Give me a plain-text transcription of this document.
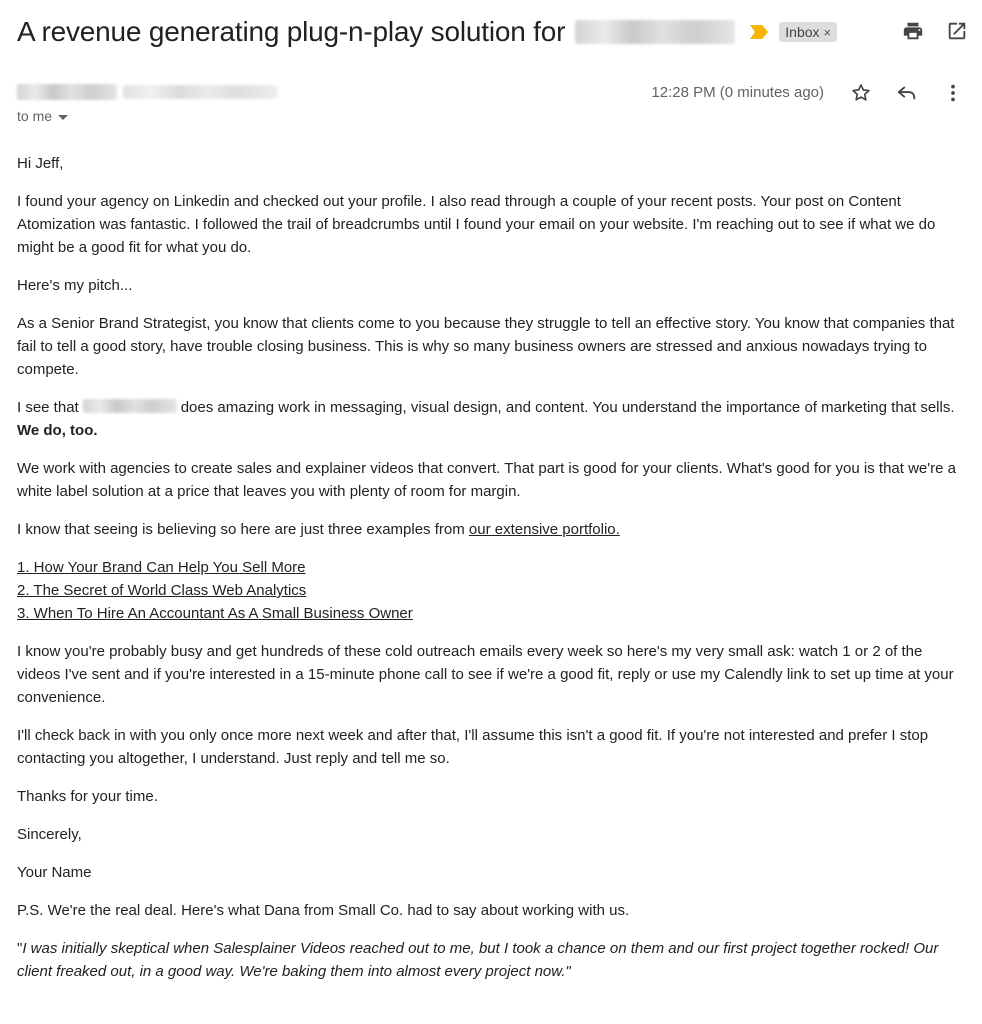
A revenue generating plug-n-play solution for	Inbox ×
to me
12:28 PM (0 minutes ago)

Hi Jeff,

I found your agency on Linkedin and checked out your profile. I also read through a couple of your recent posts. Your post on Content Atomization was fantastic. I followed the trail of breadcrumbs until I found your email on your website. I'm reaching out to see if what we do might be a good fit for what you do.

Here's my pitch...

As a Senior Brand Strategist, you know that clients come to you because they struggle to tell an effective story. You know that companies that fail to tell a good story, have trouble closing business. This is why so many business owners are stressed and anxious nowadays trying to compete.

I see that	does amazing work in messaging, visual design, and content. You understand the importance of marketing that sells. We do, too.

We work with agencies to create sales and explainer videos that convert. That part is good for your clients. What's good for you is that we're a white label solution at a price that leaves you with plenty of room for margin.

I know that seeing is believing so here are just three examples from our extensive portfolio.

1. How Your Brand Can Help You Sell More

2. The Secret of World Class Web Analytics

3. When To Hire An Accountant As A Small Business Owner

I know you're probably busy and get hundreds of these cold outreach emails every week so here's my very small ask: watch 1 or 2 of the videos I've sent and if you're interested in a 15-minute phone call to see if we're a good fit, reply or use my Calendly link to set up time at your convenience.

I'll check back in with you only once more next week and after that, I'll assume this isn't a good fit. If you're not interested and prefer I stop contacting you altogether, I understand. Just reply and tell me so.

Thanks for your time.

Sincerely,

Your Name

P.S. We're the real deal. Here's what Dana from Small Co. had to say about working with us.

"I was initially skeptical when Salesplainer Videos reached out to me, but I took a chance on them and our first project together rocked! Our client freaked out, in a good way. We're baking them into almost every project now."
